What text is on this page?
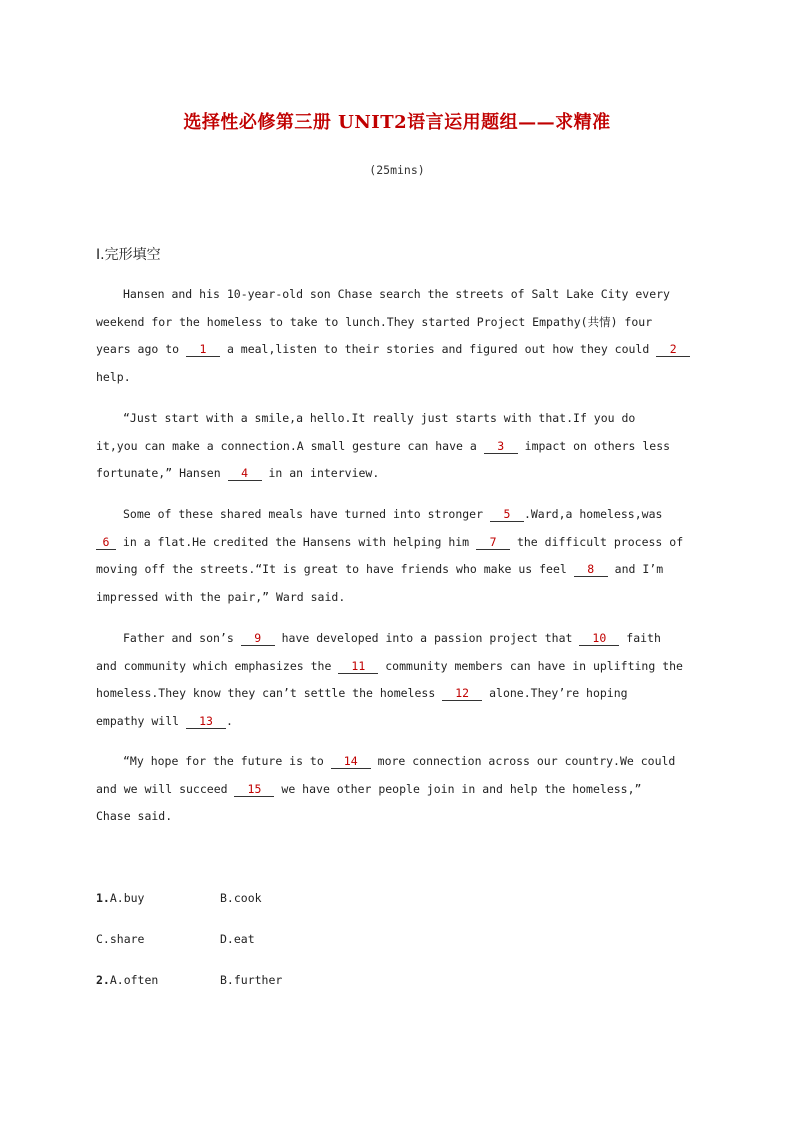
选择性必修第三册 UNIT2语言运用题组——求精准
(25mins)
Ⅰ.完形填空
Hansen and his 10-year-old son Chase search the streets of Salt Lake City every
weekend for the homeless to take to lunch.They started Project Empathy(共情) four
years ago to 1 a meal,listen to their stories and figured out how they could 2
help.
“Just start with a smile,a hello.It really just starts with that.If you do
it,you can make a connection.A small gesture can have a 3 impact on others less
fortunate,” Hansen 4 in an interview.
Some of these shared meals have turned into stronger 5 .Ward,a homeless,was
6 in a flat.He credited the Hansens with helping him 7 the difficult process of
moving off the streets.“It is great to have friends who make us feel 8 and I’m
impressed with the pair,” Ward said.
Father and son’s 9 have developed into a passion project that 10 faith
and community which emphasizes the 11 community members can have in uplifting the
homeless.They know they can’t settle the homeless 12 alone.They’re hoping
empathy will 13 .
“My hope for the future is to 14 more connection across our country.We could
and we will succeed 15 we have other people join in and help the homeless,”
Chase said.
1.A.buy	B.cook
C.share	D.eat
2.A.often	B.further
